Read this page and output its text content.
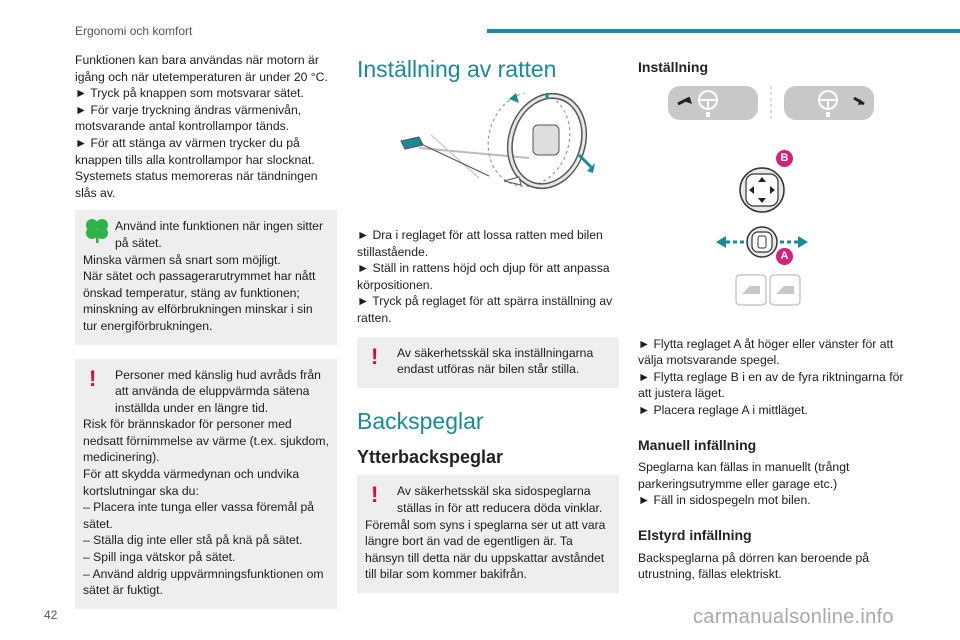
Ergonomi och komfort

Funktionen kan bara användas när motorn är igång och när utetemperaturen är under 20 °C.

► Tryck på knappen som motsvarar sätet.

► För varje tryckning ändras värmenivån, motsvarande antal kontrollampor tänds.

► För att stänga av värmen trycker du på knappen tills alla kontrollampor har slocknat.

Systemets status memoreras när tändningen slås av.

Använd inte funktionen när ingen sitter på sätet.

Minska värmen så snart som möjligt.

När sätet och passagerarutrymmet har nått önskad temperatur, stäng av funktionen; minskning av elförbrukningen minskar i sin tur energiförbrukningen.

!	Personer med känslig hud avråds från att använda de eluppvärmda sätena inställda under en längre tid.

Risk för brännskador för personer med nedsatt förnimmelse av värme (t.ex. sjukdom, medicinering).

För att skydda värmedynan och undvika kortslutningar ska du:

– Placera inte tunga eller vassa föremål på sätet.

– Ställa dig inte eller stå på knä på sätet.

– Spill inga vätskor på sätet.

– Använd aldrig uppvärmningsfunktionen om sätet är fuktigt.

Inställning av ratten

► Dra i reglaget för att lossa ratten med bilen stillastående.

► Ställ in rattens höjd och djup för att anpassa körpositionen.

► Tryck på reglaget för att spärra inställning av ratten.

!	Av säkerhetsskäl ska inställningarna endast utföras när bilen står stilla.

Backspeglar
Ytterbackspeglar
!	Av säkerhetsskäl ska sidospeglarna ställas in för att reducera döda vinklar.

Föremål som syns i speglarna ser ut att vara längre bort än vad de egentligen är. Ta hänsyn till detta när du uppskattar avståndet till bilar som kommer bakifrån.

Inställning
B
A

► Flytta reglaget A åt höger eller vänster för att välja motsvarande spegel.

► Flytta reglage B i en av de fyra riktningarna för att justera läget.

► Placera reglage A i mittläget.

Manuell infällning

Speglarna kan fällas in manuellt (trångt parkeringsutrymme eller garage etc.)

► Fäll in sidospegeln mot bilen.

Elstyrd infällning

Backspeglarna på dörren kan beroende på utrustning, fällas elektriskt.

42	carmanualsonline.info
